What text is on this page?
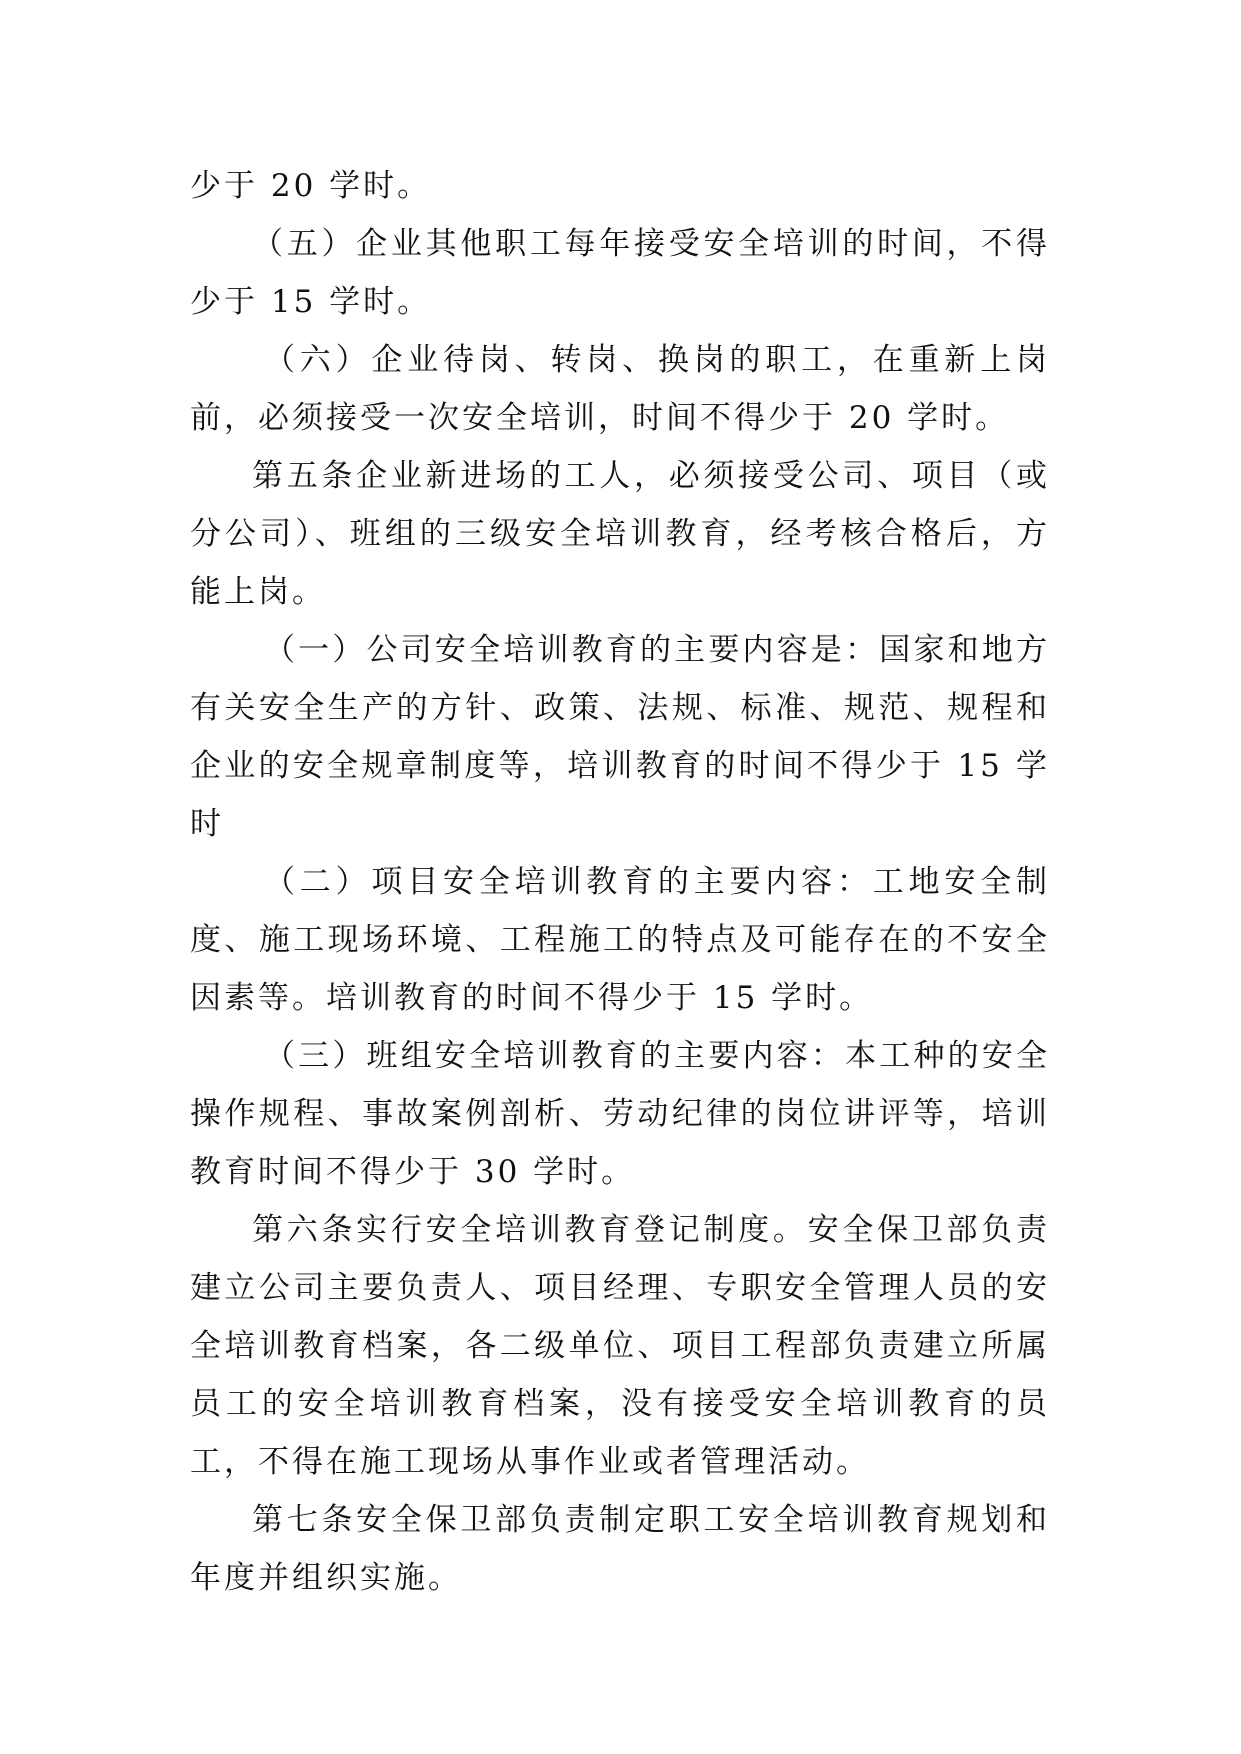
少于 20 学时。

（五）企业其他职工每年接受安全培训的时间，不得少于 15 学时。

（六）企业待岗、转岗、换岗的职工，在重新上岗前，必须接受一次安全培训，时间不得少于 20 学时。

第五条企业新进场的工人，必须接受公司、项目（或分公司）、班组的三级安全培训教育，经考核合格后，方能上岗。

（一）公司安全培训教育的主要内容是：国家和地方有关安全生产的方针、政策、法规、标准、规范、规程和企业的安全规章制度等，培训教育的时间不得少于 15 学时

（二）项目安全培训教育的主要内容：工地安全制度、施工现场环境、工程施工的特点及可能存在的不安全因素等。培训教育的时间不得少于 15 学时。

（三）班组安全培训教育的主要内容：本工种的安全操作规程、事故案例剖析、劳动纪律的岗位讲评等，培训教育时间不得少于 30 学时。

第六条实行安全培训教育登记制度。安全保卫部负责建立公司主要负责人、项目经理、专职安全管理人员的安全培训教育档案，各二级单位、项目工程部负责建立所属员工的安全培训教育档案，没有接受安全培训教育的员工，不得在施工现场从事作业或者管理活动。

第七条安全保卫部负责制定职工安全培训教育规划和年度并组织实施。
